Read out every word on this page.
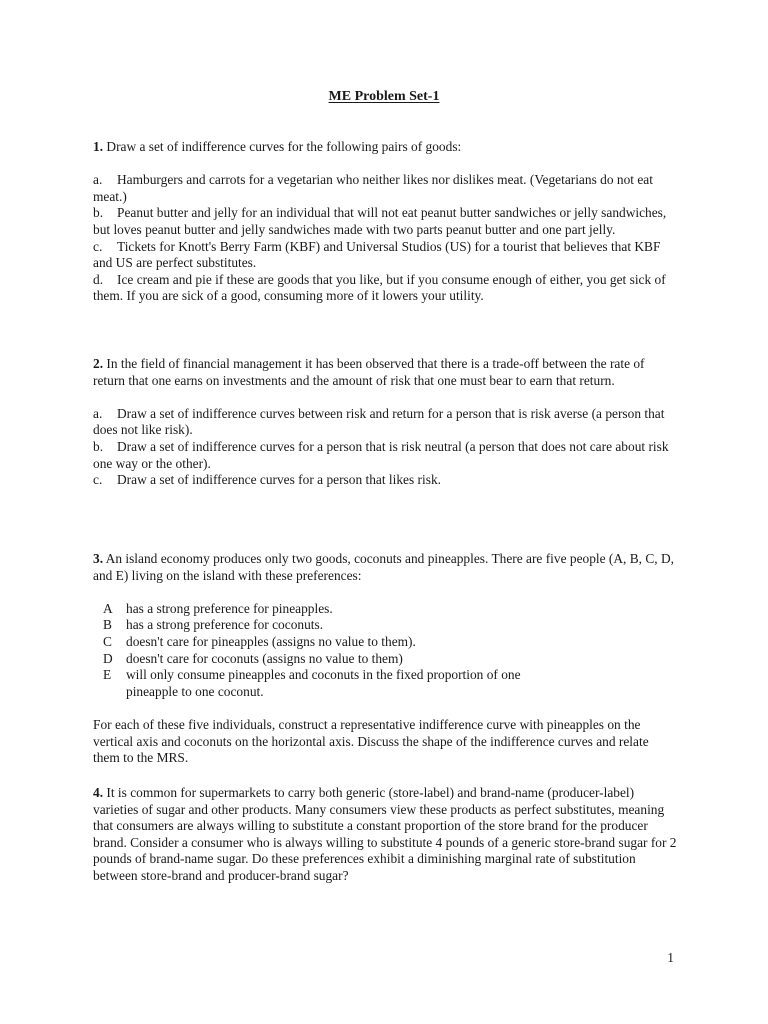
ME Problem Set-1

1. Draw a set of indifference curves for the following pairs of goods:

a. Hamburgers and carrots for a vegetarian who neither likes nor dislikes meat. (Vegetarians do not eat meat.)

b. Peanut butter and jelly for an individual that will not eat peanut butter sandwiches or jelly sandwiches, but loves peanut butter and jelly sandwiches made with two parts peanut butter and one part jelly.

c. Tickets for Knott's Berry Farm (KBF) and Universal Studios (US) for a tourist that believes that KBF and US are perfect substitutes.

d. Ice cream and pie if these are goods that you like, but if you consume enough of either, you get sick of them. If you are sick of a good, consuming more of it lowers your utility.

2. In the field of financial management it has been observed that there is a trade-off between the rate of return that one earns on investments and the amount of risk that one must bear to earn that return.

a. Draw a set of indifference curves between risk and return for a person that is risk averse (a person that does not like risk).

b. Draw a set of indifference curves for a person that is risk neutral (a person that does not care about risk one way or the other).

c. Draw a set of indifference curves for a person that likes risk.

3. An island economy produces only two goods, coconuts and pineapples. There are five people (A, B, C, D, and E) living on the island with these preferences:

A has a strong preference for pineapples.
B	has a strong preference for coconuts.
C	doesn't care for pineapples (assigns no value to them).
D doesn't care for coconuts (assigns no value to them)
E	will only consume pineapples and coconuts in the fixed proportion of one pineapple to one coconut.

For each of these five individuals, construct a representative indifference curve with pineapples on the vertical axis and coconuts on the horizontal axis. Discuss the shape of the indifference curves and relate them to the MRS.

4. It is common for supermarkets to carry both generic (store-label) and brand-name (producer-label) varieties of sugar and other products. Many consumers view these products as perfect substitutes, meaning that consumers are always willing to substitute a constant proportion of the store brand for the producer brand. Consider a consumer who is always willing to substitute 4 pounds of a generic store-brand sugar for 2 pounds of brand-name sugar. Do these preferences exhibit a diminishing marginal rate of substitution between store-brand and producer-brand sugar?

1
